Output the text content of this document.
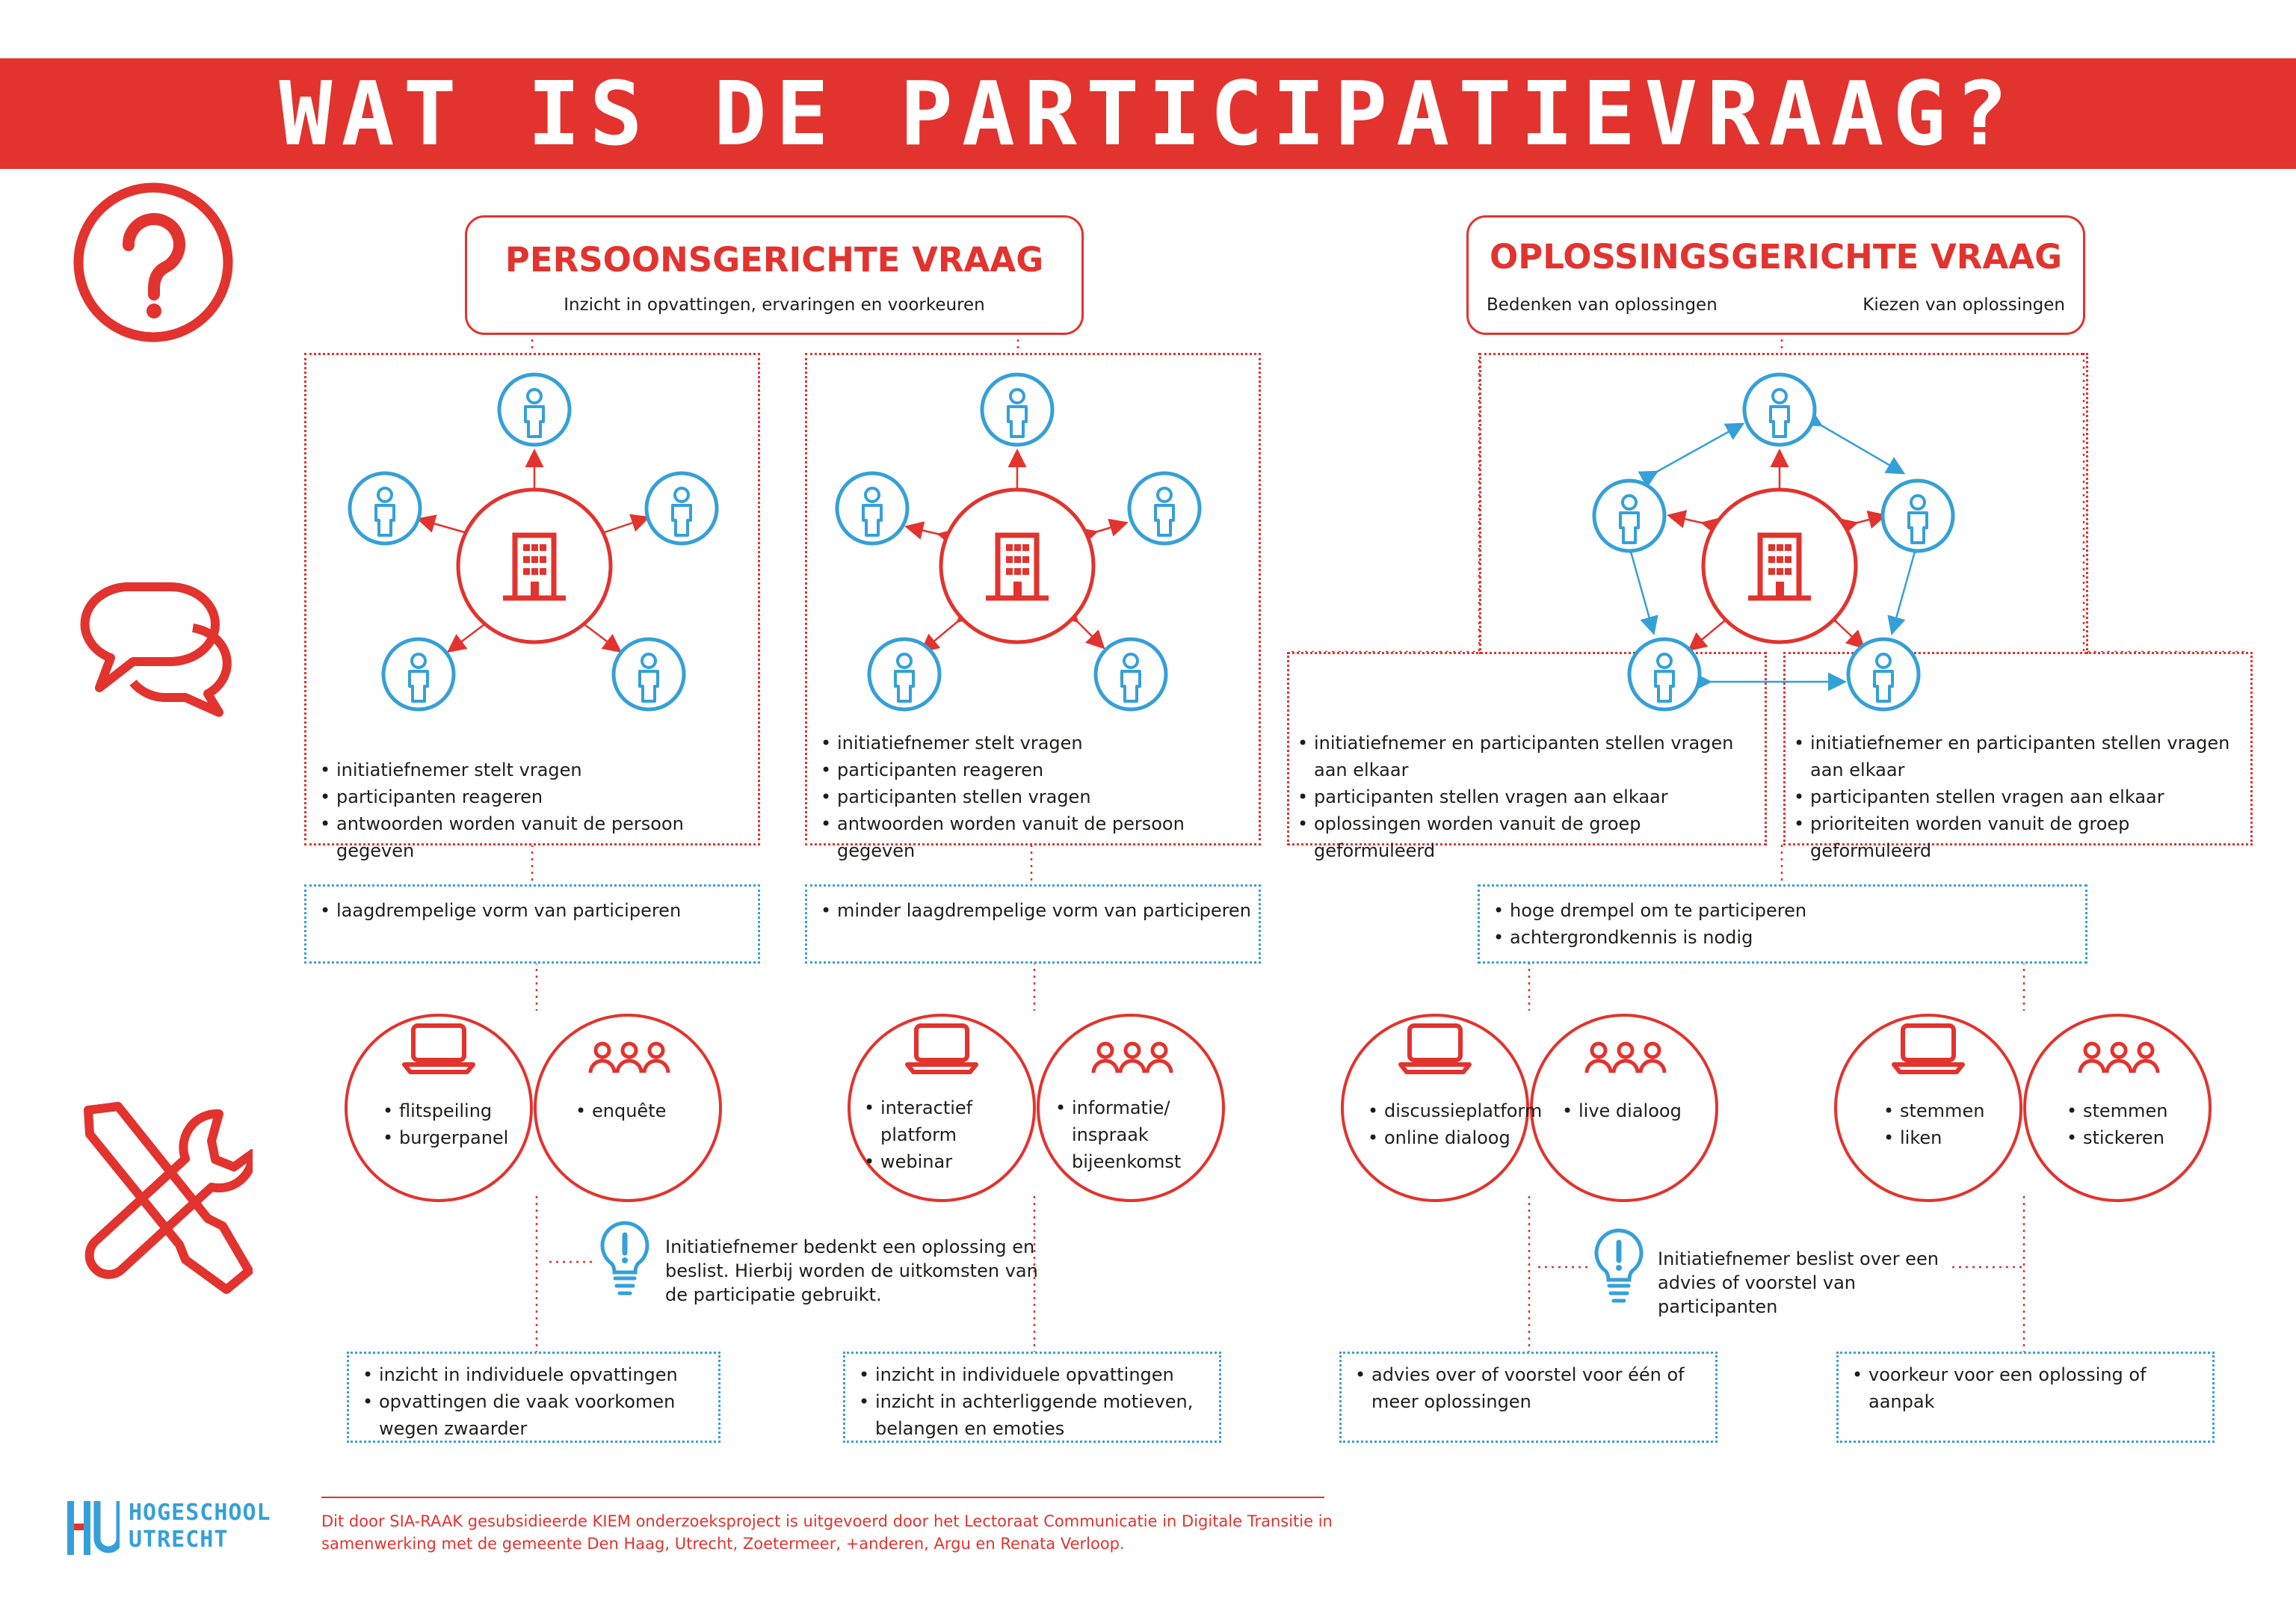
WAT IS DE PARTICIPATIEVRAAG?
PERSOONSGERICHTE VRAAG
Inzicht in opvattingen, ervaringen en voorkeuren
OPLOSSINGSGERICHTE VRAAG
Bedenken van oplossingen	Kiezen van oplossingen
• initiatiefnemer stelt vragen
• participanten reageren
• antwoorden worden vanuit de persoon gegeven
• initiatiefnemer stelt vragen
• participanten reageren
• participanten stellen vragen
• antwoorden worden vanuit de persoon gegeven
• initiatiefnemer en participanten stellen vragen aan elkaar
• participanten stellen vragen aan elkaar
• oplossingen worden vanuit de groep geformuleerd
• initiatiefnemer en participanten stellen vragen aan elkaar
• participanten stellen vragen aan elkaar
• prioriteiten worden vanuit de groep geformuleerd
• laagdrempelige vorm van participeren	• minder laagdrempelige vorm van participeren	• hoge drempel om te participeren
• achtergrondkennis is nodig
• flitspeiling
• burgerpanel
• enquête	• interactief platform
• webinar
• informatie/ inspraak bijeenkomst
• discussieplatform
• online dialoog
• live dialoog	• stemmen
• liken
• stemmen
• stickeren
Initiatiefnemer bedenkt een oplossing en beslist. Hierbij worden de uitkomsten van de participatie gebruikt.
Initiatiefnemer beslist over een advies of voorstel van participanten
• inzicht in individuele opvattingen
• opvattingen die vaak voorkomen wegen zwaarder
• inzicht in individuele opvattingen
• inzicht in achterliggende motieven, belangen en emoties
• advies over of voorstel voor één of meer oplossingen
• voorkeur voor een oplossing of aanpak
HOGESCHOOL
UTRECHT
Dit door SIA-RAAK gesubsidieerde KIEM onderzoeksproject is uitgevoerd door het Lectoraat Communicatie in Digitale Transitie in samenwerking met de gemeente Den Haag, Utrecht, Zoetermeer, +anderen, Argu en Renata Verloop.
